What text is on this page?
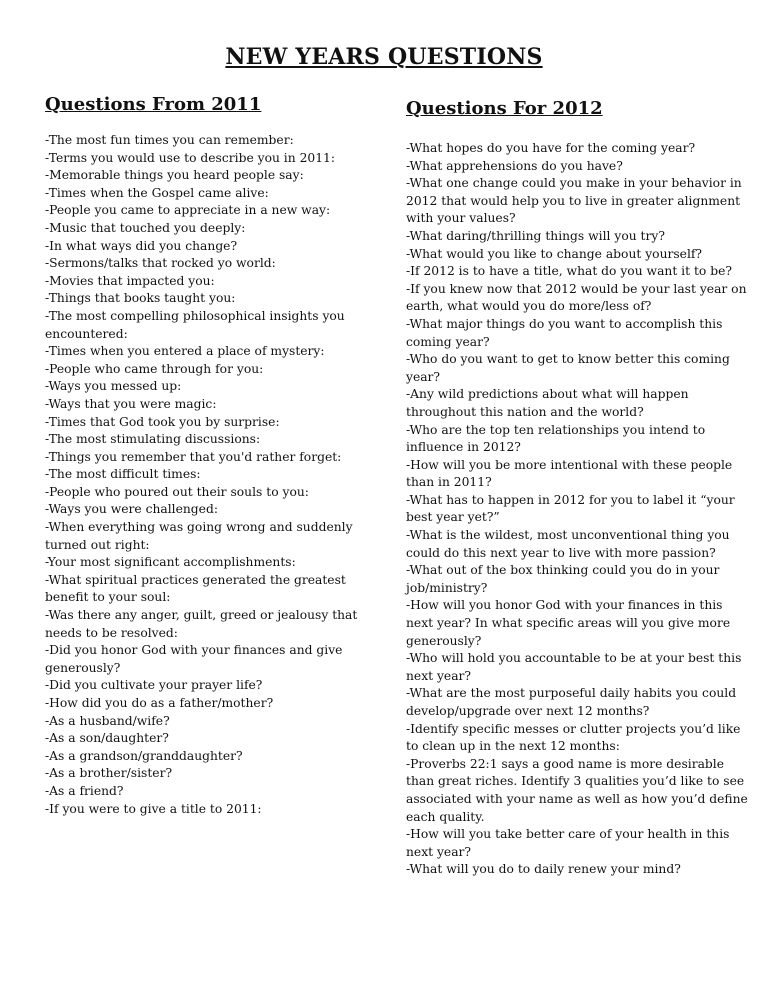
NEW YEARS QUESTIONS
Questions From 2011
-The most fun times you can remember:
-Terms you would use to describe you in 2011:
-Memorable things you heard people say:
-Times when the Gospel came alive:
-People you came to appreciate in a new way:
-Music that touched you deeply:
-In what ways did you change?
-Sermons/talks that rocked yo world:
-Movies that impacted you:
-Things that books taught you:
-The most compelling philosophical insights you encountered:
-Times when you entered a place of mystery:
-People who came through for you:
-Ways you messed up:
-Ways that you were magic:
-Times that God took you by surprise:
-The most stimulating discussions:
-Things you remember that you'd rather forget:
-The most difficult times:
-People who poured out their souls to you:
-Ways you were challenged:
-When everything was going wrong and suddenly turned out right:
-Your most significant accomplishments:
-What spiritual practices generated the greatest benefit to your soul:
-Was there any anger, guilt, greed or jealousy that needs to be resolved:
-Did you honor God with your finances and give generously?
-Did you cultivate your prayer life?
-How did you do as a father/mother?
-As a husband/wife?
-As a son/daughter?
-As a grandson/granddaughter?
-As a brother/sister?
-As a friend?
-If you were to give a title to 2011:
Questions For 2012
-What hopes do you have for the coming year?
-What apprehensions do you have?
-What one change could you make in your behavior in 2012 that would help you to live in greater alignment with your values?
-What daring/thrilling things will you try?
-What would you like to change about yourself?
-If 2012 is to have a title, what do you want it to be?
-If you knew now that 2012 would be your last year on earth, what would you do more/less of?
-What major things do you want to accomplish this coming year?
-Who do you want to get to know better this coming year?
-Any wild predictions about what will happen throughout this nation and the world?
-Who are the top ten relationships you intend to influence in 2012?
-How will you be more intentional with these people than in 2011?
-What has to happen in 2012 for you to label it “your best year yet?”
-What is the wildest, most unconventional thing you could do this next year to live with more passion?
-What out of the box thinking could you do in your job/ministry?
-How will you honor God with your finances in this next year? In what specific areas will you give more generously?
-Who will hold you accountable to be at your best this next year?
-What are the most purposeful daily habits you could develop/upgrade over next 12 months?
-Identify specific messes or clutter projects you’d like to clean up in the next 12 months:
-Proverbs 22:1 says a good name is more desirable than great riches. Identify 3 qualities you’d like to see associated with your name as well as how you’d define each quality.
-How will you take better care of your health in this next year?
-What will you do to daily renew your mind?
